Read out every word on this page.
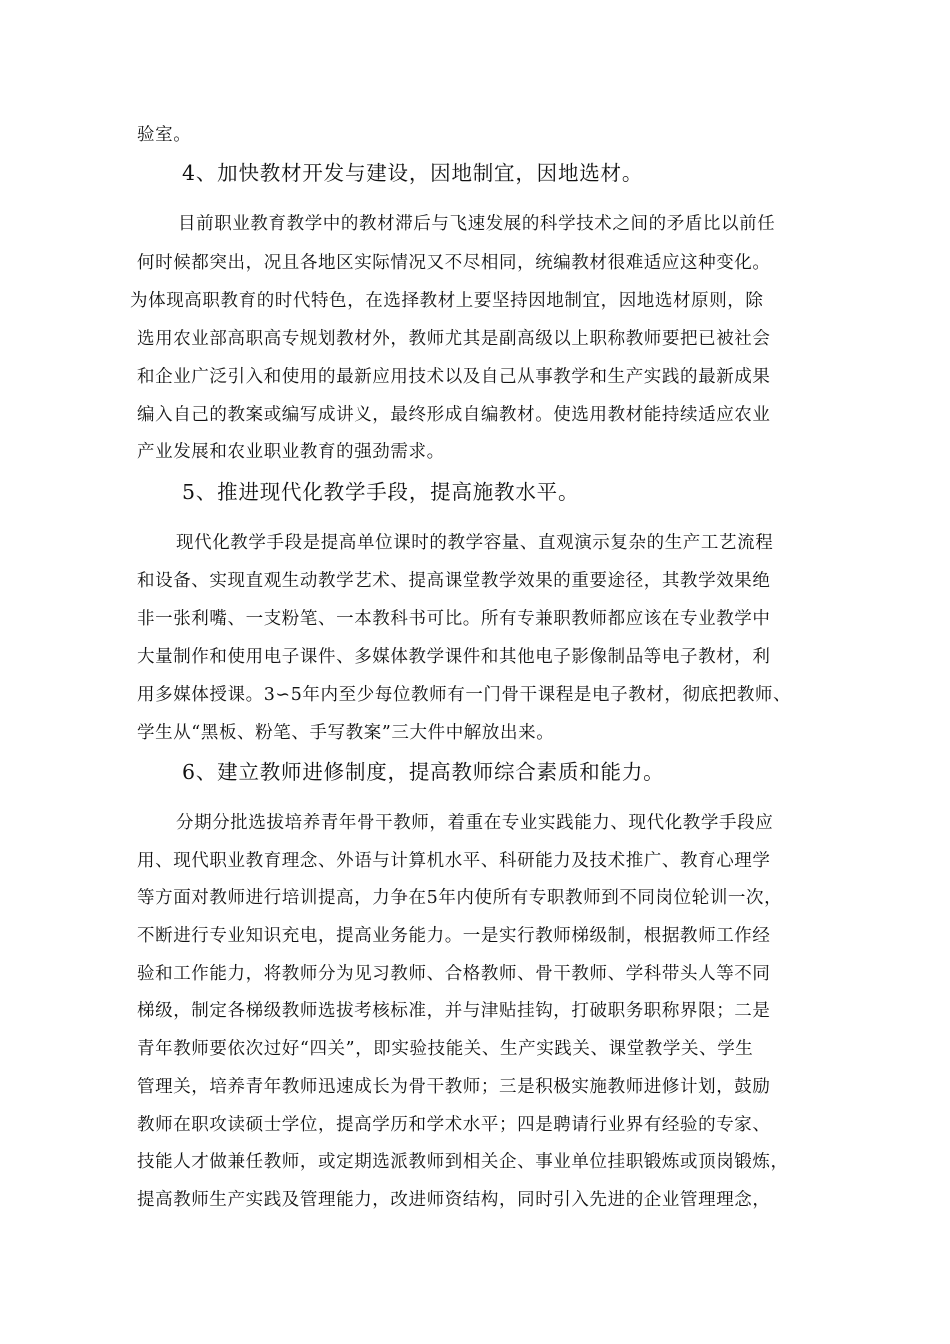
验室。
4、加快教材开发与建设，因地制宜，因地选材。
目前职业教育教学中的教材滞后与飞速发展的科学技术之间的矛盾比以前任
何时候都突出，况且各地区实际情况又不尽相同，统编教材很难适应这种变化。
为体现高职教育的时代特色，在选择教材上要坚持因地制宜，因地选材原则，除
选用农业部高职高专规划教材外，教师尤其是副高级以上职称教师要把已被社会
和企业广泛引入和使用的最新应用技术以及自己从事教学和生产实践的最新成果
编入自己的教案或编写成讲义，最终形成自编教材。使选用教材能持续适应农业
产业发展和农业职业教育的强劲需求。
5、推进现代化教学手段，提高施教水平。
现代化教学手段是提高单位课时的教学容量、直观演示复杂的生产工艺流程
和设备、实现直观生动教学艺术、提高课堂教学效果的重要途径，其教学效果绝
非一张利嘴、一支粉笔、一本教科书可比。所有专兼职教师都应该在专业教学中
大量制作和使用电子课件、多媒体教学课件和其他电子影像制品等电子教材，利
用多媒体授课。3∽5年内至少每位教师有一门骨干课程是电子教材，彻底把教师、
学生从“黑板、粉笔、手写教案”三大件中解放出来。
6、建立教师进修制度，提高教师综合素质和能力。
分期分批选拔培养青年骨干教师，着重在专业实践能力、现代化教学手段应
用、现代职业教育理念、外语与计算机水平、科研能力及技术推广、教育心理学
等方面对教师进行培训提高，力争在5年内使所有专职教师到不同岗位轮训一次，
不断进行专业知识充电，提高业务能力。一是实行教师梯级制，根据教师工作经
验和工作能力，将教师分为见习教师、合格教师、骨干教师、学科带头人等不同
梯级，制定各梯级教师选拔考核标准，并与津贴挂钩，打破职务职称界限；二是
青年教师要依次过好“四关”，即实验技能关、生产实践关、课堂教学关、学生
管理关，培养青年教师迅速成长为骨干教师；三是积极实施教师进修计划，鼓励
教师在职攻读硕士学位，提高学历和学术水平；四是聘请行业界有经验的专家、
技能人才做兼任教师，或定期选派教师到相关企、事业单位挂职锻炼或顶岗锻炼，
提高教师生产实践及管理能力，改进师资结构，同时引入先进的企业管理理念，
